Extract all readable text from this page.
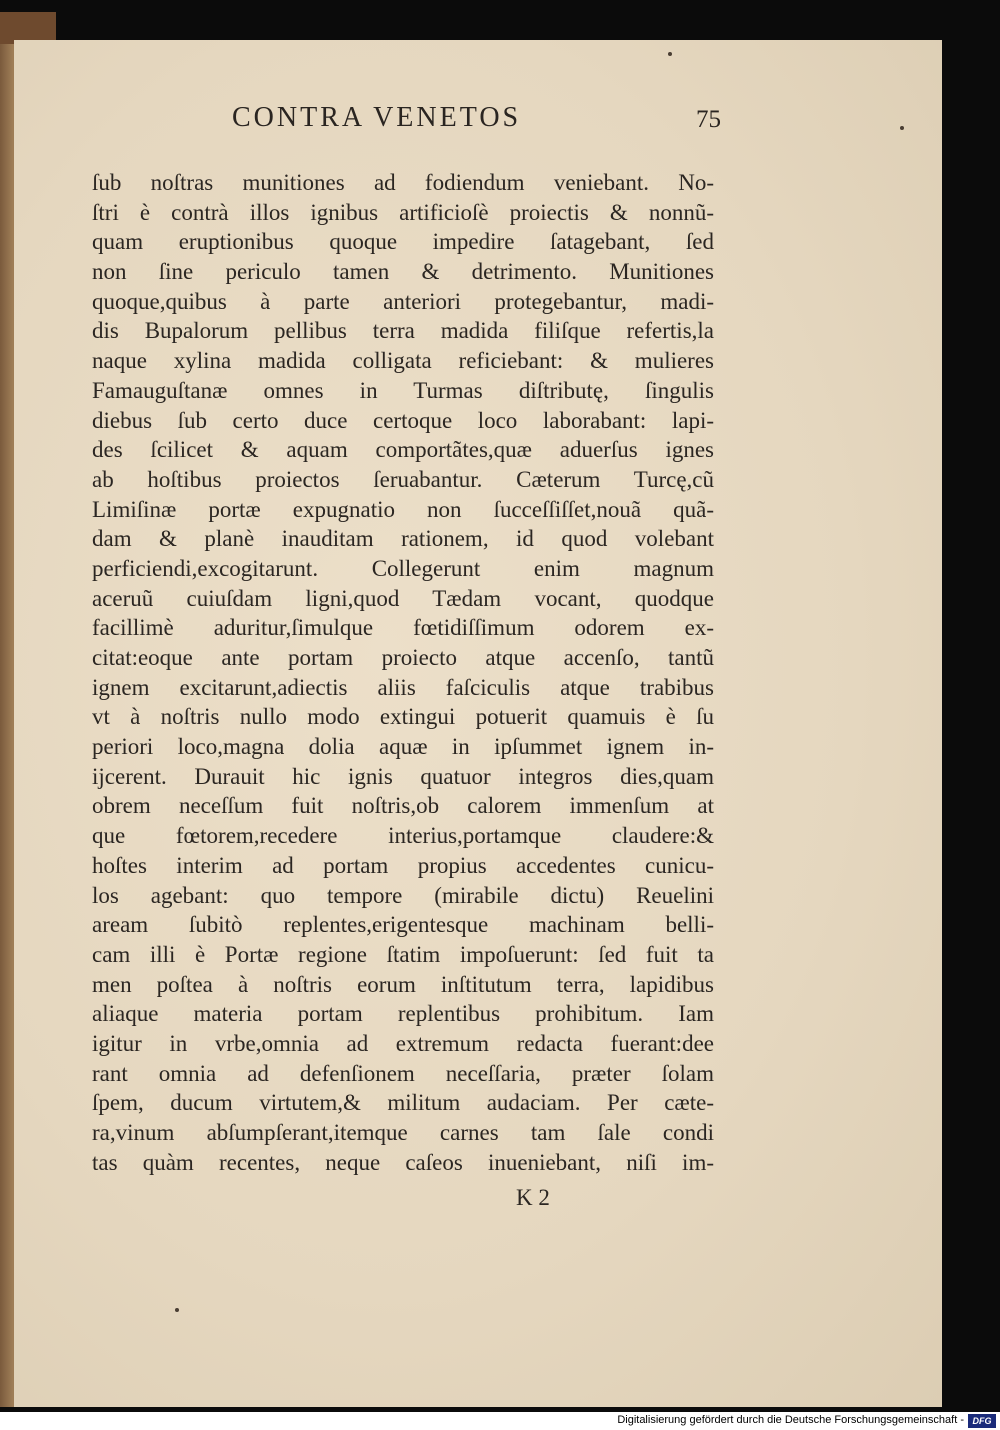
CONTRA VENETOS	75
ſub noſtras munitiones ad fodiendum veniebant. No-
ſtri è contrà illos ignibus artificioſè proiectis & nonnũ-
quam eruptionibus quoque impedire ſatagebant, ſed
non ſine periculo tamen & detrimento. Munitiones
quoque,quibus à parte anteriori protegebantur, madi-
dis Bupalorum pellibus terra madida filiſque refertis,la
naque xylina madida colligata reficiebant: & mulieres
Famauguſtanæ omnes in Turmas diſtributę, ſingulis
diebus ſub certo duce certoque loco laborabant: lapi-
des ſcilicet & aquam comportãtes,quæ aduerſus ignes
ab hoſtibus proiectos ſeruabantur. Cæterum Turcę,cũ
Limiſinæ portæ expugnatio non ſucceſſiſſet,nouã quã-
dam & planè inauditam rationem, id quod volebant
perficiendi,excogitarunt. Collegerunt enim magnum
aceruũ cuiuſdam ligni,quod Tædam vocant, quodque
facillimè aduritur,ſimulque fœtidiſſimum odorem ex-
citat:eoque ante portam proiecto atque accenſo, tantũ
ignem excitarunt,adiectis aliis faſciculis atque trabibus
vt à noſtris nullo modo extingui potuerit quamuis è ſu
periori loco,magna dolia aquæ in ipſummet ignem in-
ijcerent. Durauit hic ignis quatuor integros dies,quam
obrem neceſſum fuit noſtris,ob calorem immenſum at
que fœtorem,recedere interius,portamque claudere:&
hoſtes interim ad portam propius accedentes cunicu-
los agebant: quo tempore (mirabile dictu) Reuelini
aream ſubitò replentes,erigentesque machinam belli-
cam illi è Portæ regione ſtatim impoſuerunt: ſed fuit ta
men poſtea à noſtris eorum inſtitutum terra, lapidibus
aliaque materia portam replentibus prohibitum. Iam
igitur in vrbe,omnia ad extremum redacta fuerant:dee
rant omnia ad defenſionem neceſſaria, præter ſolam
ſpem, ducum virtutem,& militum audaciam. Per cæte-
ra,vinum abſumpſerant,itemque carnes tam ſale condi
tas quàm recentes, neque caſeos inueniebant, niſi im-
K 2
Digitalisierung gefördert durch die Deutsche Forschungsgemeinschaft - DFG
